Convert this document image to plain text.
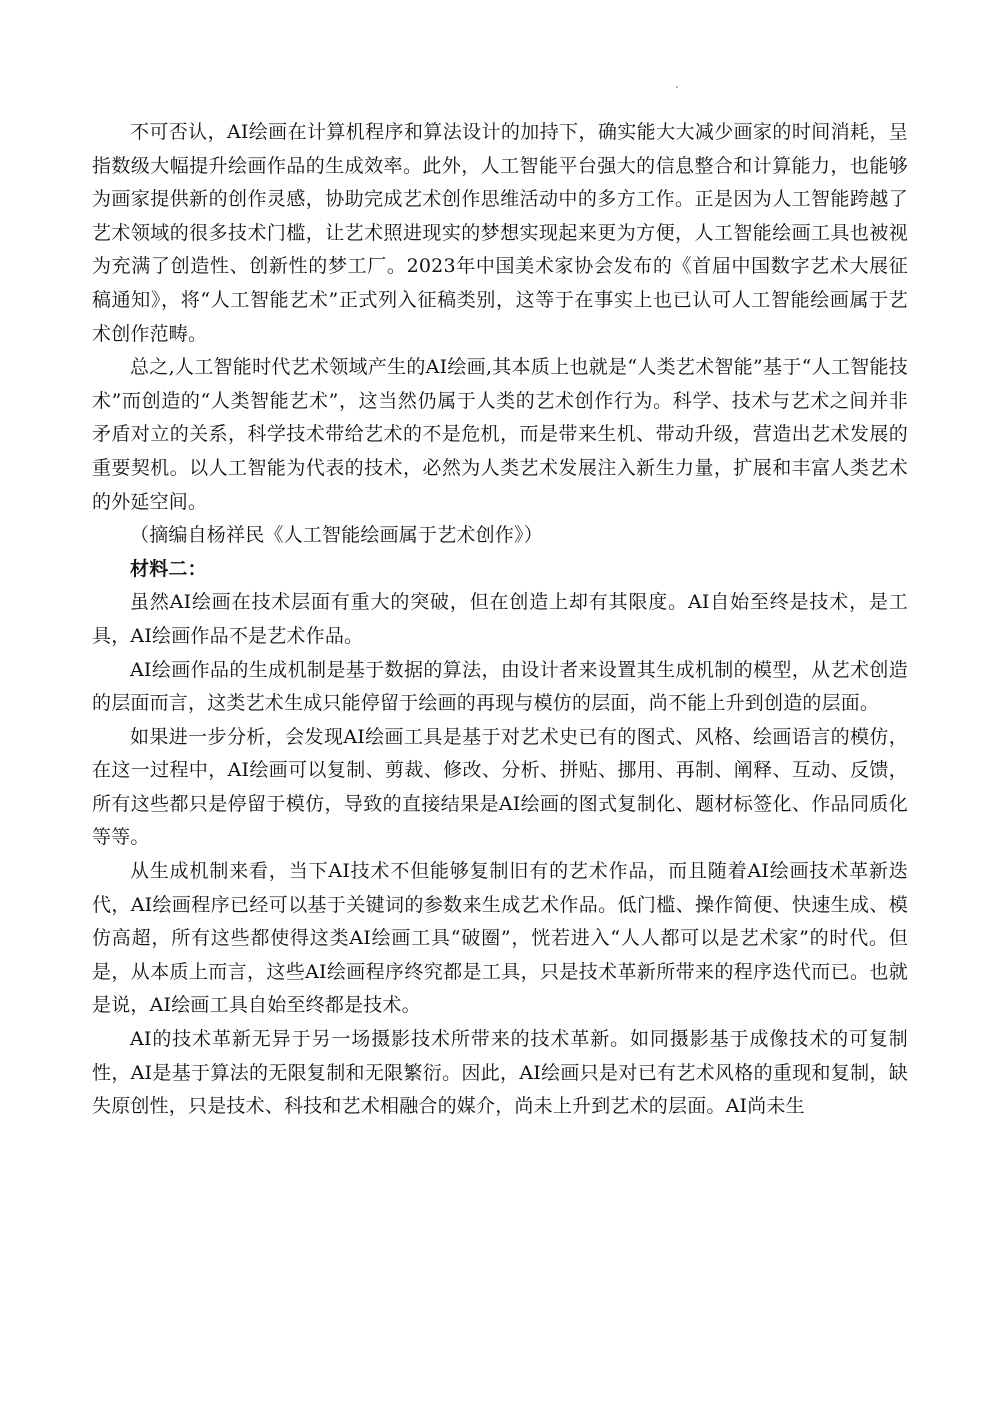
不可否认，AI绘画在计算机程序和算法设计的加持下，确实能大大减少画家的时间消耗，呈指数级大幅提升绘画作品的生成效率。此外，人工智能平台强大的信息整合和计算能力，也能够为画家提供新的创作灵感，协助完成艺术创作思维活动中的多方工作。正是因为人工智能跨越了艺术领域的很多技术门槛，让艺术照进现实的梦想实现起来更为方便，人工智能绘画工具也被视为充满了创造性、创新性的梦工厂。2023年中国美术家协会发布的《首届中国数字艺术大展征稿通知》，将“人工智能艺术”正式列入征稿类别，这等于在事实上也已认可人工智能绘画属于艺术创作范畴。

总之,人工智能时代艺术领域产生的AI绘画,其本质上也就是“人类艺术智能”基于“人工智能技术”而创造的“人类智能艺术”，这当然仍属于人类的艺术创作行为。科学、技术与艺术之间并非矛盾对立的关系，科学技术带给艺术的不是危机，而是带来生机、带动升级，营造出艺术发展的重要契机。以人工智能为代表的技术，必然为人类艺术发展注入新生力量，扩展和丰富人类艺术的外延空间。

（摘编自杨祥民《人工智能绘画属于艺术创作》）

材料二：

虽然AI绘画在技术层面有重大的突破，但在创造上却有其限度。AI自始至终是技术，是工具，AI绘画作品不是艺术作品。

AI绘画作品的生成机制是基于数据的算法，由设计者来设置其生成机制的模型，从艺术创造的层面而言，这类艺术生成只能停留于绘画的再现与模仿的层面，尚不能上升到创造的层面。

如果进一步分析，会发现AI绘画工具是基于对艺术史已有的图式、风格、绘画语言的模仿，在这一过程中，AI绘画可以复制、剪裁、修改、分析、拼贴、挪用、再制、阐释、互动、反馈，所有这些都只是停留于模仿，导致的直接结果是AI绘画的图式复制化、题材标签化、作品同质化等等。

从生成机制来看，当下AI技术不但能够复制旧有的艺术作品，而且随着AI绘画技术革新迭代，AI绘画程序已经可以基于关键词的参数来生成艺术作品。低门槛、操作简便、快速生成、模仿高超，所有这些都使得这类AI绘画工具“破圈”，恍若进入“人人都可以是艺术家”的时代。但是，从本质上而言，这些AI绘画程序终究都是工具，只是技术革新所带来的程序迭代而已。也就是说，AI绘画工具自始至终都是技术。

AI的技术革新无异于另一场摄影技术所带来的技术革新。如同摄影基于成像技术的可复制性，AI是基于算法的无限复制和无限繁衍。因此，AI绘画只是对已有艺术风格的重现和复制，缺失原创性，只是技术、科技和艺术相融合的媒介，尚未上升到艺术的层面。AI尚未生
